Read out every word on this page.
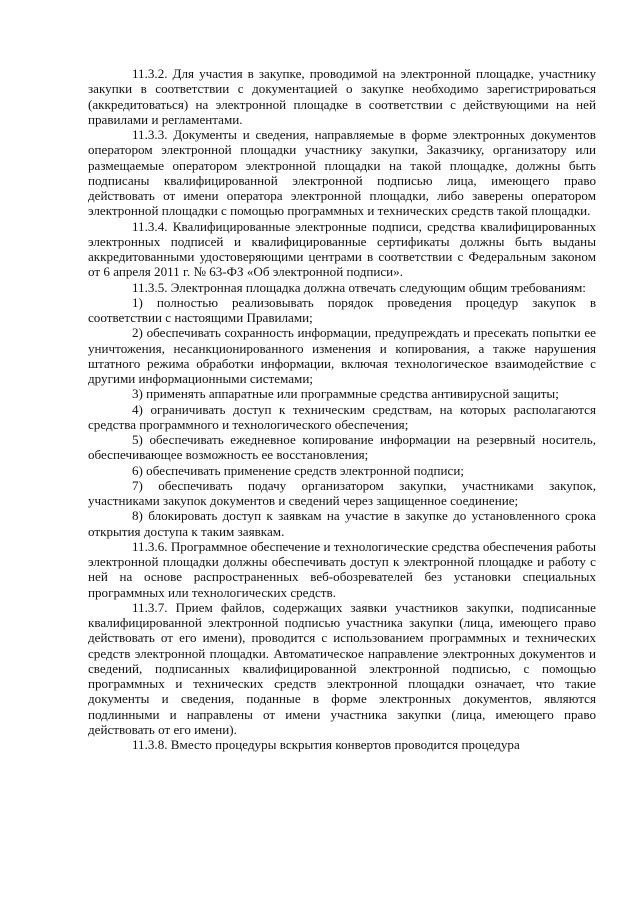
11.3.2. Для участия в закупке, проводимой на электронной площадке, участнику закупки в соответствии с документацией о закупке необходимо зарегистрироваться (аккредитоваться) на электронной площадке в соответствии с действующими на ней правилами и регламентами.

11.3.3. Документы и сведения, направляемые в форме электронных документов оператором электронной площадки участнику закупки, Заказчику, организатору или размещаемые оператором электронной площадки на такой площадке, должны быть подписаны квалифицированной электронной подписью лица, имеющего право действовать от имени оператора электронной площадки, либо заверены оператором электронной площадки с помощью программных и технических средств такой площадки.

11.3.4. Квалифицированные электронные подписи, средства квалифицированных электронных подписей и квалифицированные сертификаты должны быть выданы аккредитованными удостоверяющими центрами в соответствии с Федеральным законом от 6 апреля 2011 г. № 63-ФЗ «Об электронной подписи».

11.3.5. Электронная площадка должна отвечать следующим общим требованиям:

1) полностью реализовывать порядок проведения процедур закупок в соответствии с настоящими Правилами;

2) обеспечивать сохранность информации, предупреждать и пресекать попытки ее уничтожения, несанкционированного изменения и копирования, а также нарушения штатного режима обработки информации, включая технологическое взаимодействие с другими информационными системами;

3) применять аппаратные или программные средства антивирусной защиты;

4) ограничивать доступ к техническим средствам, на которых располагаются средства программного и технологического обеспечения;

5) обеспечивать ежедневное копирование информации на резервный носитель, обеспечивающее возможность ее восстановления;

6) обеспечивать применение средств электронной подписи;

7) обеспечивать подачу организатором закупки, участниками закупок, участниками закупок документов и сведений через защищенное соединение;

8) блокировать доступ к заявкам на участие в закупке до установленного срока открытия доступа к таким заявкам.

11.3.6. Программное обеспечение и технологические средства обеспечения работы электронной площадки должны обеспечивать доступ к электронной площадке и работу с ней на основе распространенных веб-обозревателей без установки специальных программных или технологических средств.

11.3.7. Прием файлов, содержащих заявки участников закупки, подписанные квалифицированной электронной подписью участника закупки (лица, имеющего право действовать от его имени), проводится с использованием программных и технических средств электронной площадки. Автоматическое направление электронных документов и сведений, подписанных квалифицированной электронной подписью, с помощью программных и технических средств электронной площадки означает, что такие документы и сведения, поданные в форме электронных документов, являются подлинными и направлены от имени участника закупки (лица, имеющего право действовать от его имени).

11.3.8. Вместо процедуры вскрытия конвертов проводится процедура
